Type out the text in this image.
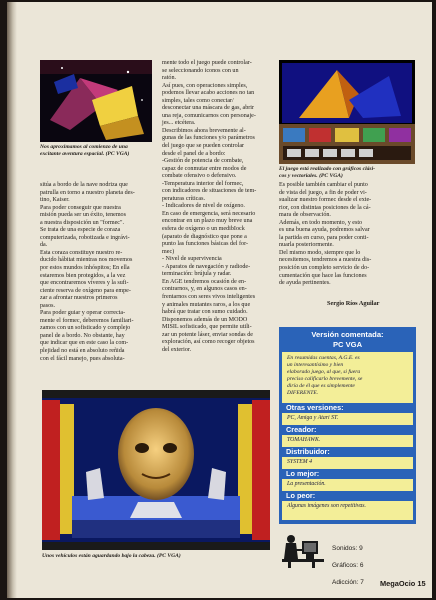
Nos aproximamos al comienzo de una
excitante aventura espacial. (PC VGA)
El juego está realizado con gráficos clási-
cos y vectoriales. (PC VGA)
sitúa a bordo de la nave nodriza que
patrulla en torno a nuestro planeta des-
tino, Kaiser.
Para poder conseguir que nuestra
misión pueda ser un éxito, tenemos
a nuestra disposición un "formec".
Se trata de una especie de coraza
computerizada, robotizada e ingrávi-
da.
Esta coraza constituye nuestro re-
ducido hábitat mientras nos movemos
por estos mundos inhóspitos; En ella
estaremos bien protegidos, a la vez
que encontraremos víveres y la sufi-
ciente reserva de oxígeno para empe-
zar a afrontar nuestros primeros
pasos.
Para poder guiar y operar correcta-
mente el formec, deberemos familiari-
zamos con un sofisticado y complejo
panel de a bordo. No obstante, hay
que indicar que en este caso la com-
plejidad no está en absoluto reñida
con el fácil manejo, pues absoluta-
mente todo el juego puede controlar-
se seleccionando iconos con un
ratón.
Así pues, con operaciones simples,
podemos llevar acabo acciones no tan
simples, tales como conectar/
desconectar una máscara de gas, abrir
una reja, comunicarnos con personaje-
jes... etcétera.
Describimos ahora brevemente al-
gunas de las funciones y/o parámetros
del juego que se pueden controlar
desde el panel de a bordo:
-Gestión de potencia de combate,
capaz de conmutar entre modos de
combate ofensivo o defensivo.
-Temperatura interior del formec,
con indicadores de situaciones de tem-
peraturas críticas.
- Indicadores de nivel de oxígeno.
En caso de emergencia, será necesario
encontrar en un plazo muy breve una
esfera de oxígeno o un medibIock
(aparato de diagnóstico que pone a
punto las funciones básicas del for-
mec)
- Nivel de supervivencia
- Aparatos de navegación y radiode-
terminación: brújula y radar.
En AGE tendremos ocasión de en-
contrarnos, y, en algunos casos en-
frentarnos con seres vivos inteligentes
y animales mutantes raros, a los que
habrá que tratar con sumo cuidado.
Disponemos además de un MODO
MISIL sofisticado, que permite utili-
zar un potente láser, enviar sondas de
exploración, así como recoger objetos
del exterior.
Es posible también cambiar el punto
de vista del juego, a fin de poder vi-
sualizar nuestro formec desde el exte-
rior, con distintas posiciones de la cá-
mara de observación.
Además, en todo momento, y esto
es una buena ayuda, podremos salvar
la partida en curso, para poder conti-
nuarla posteriormente.
Del mismo modo, siempre que lo
necesitemos, tendremos a nuestra dis-
posición un completo servicio de do-
cumentación que hace las funciones
de ayuda pertinentes.
Sergio Ríos Aguilar
Unos vehículos están aguardando bajo la cabeza. (PC VGA)
Versión comentada:
PC VGA
En resumidas cuentas, A.G.E. es
un interesantísimo y bien
elaborado juego, al que, si fuera
preciso calificarlo brevemente, se
diría de él que es simplemente
DIFERENTE.
Otras versiones:
PC, Amiga y Atari ST.
Creador:
TOMAHAWK.
Distribuidor:
SYSTEM 4
Lo mejor:
La presentación.
Lo peor:
Algunas imágenes son repetitivas.

Sonidos: 9

Gráficos: 6

Adicción: 7 MegaOcio 15
